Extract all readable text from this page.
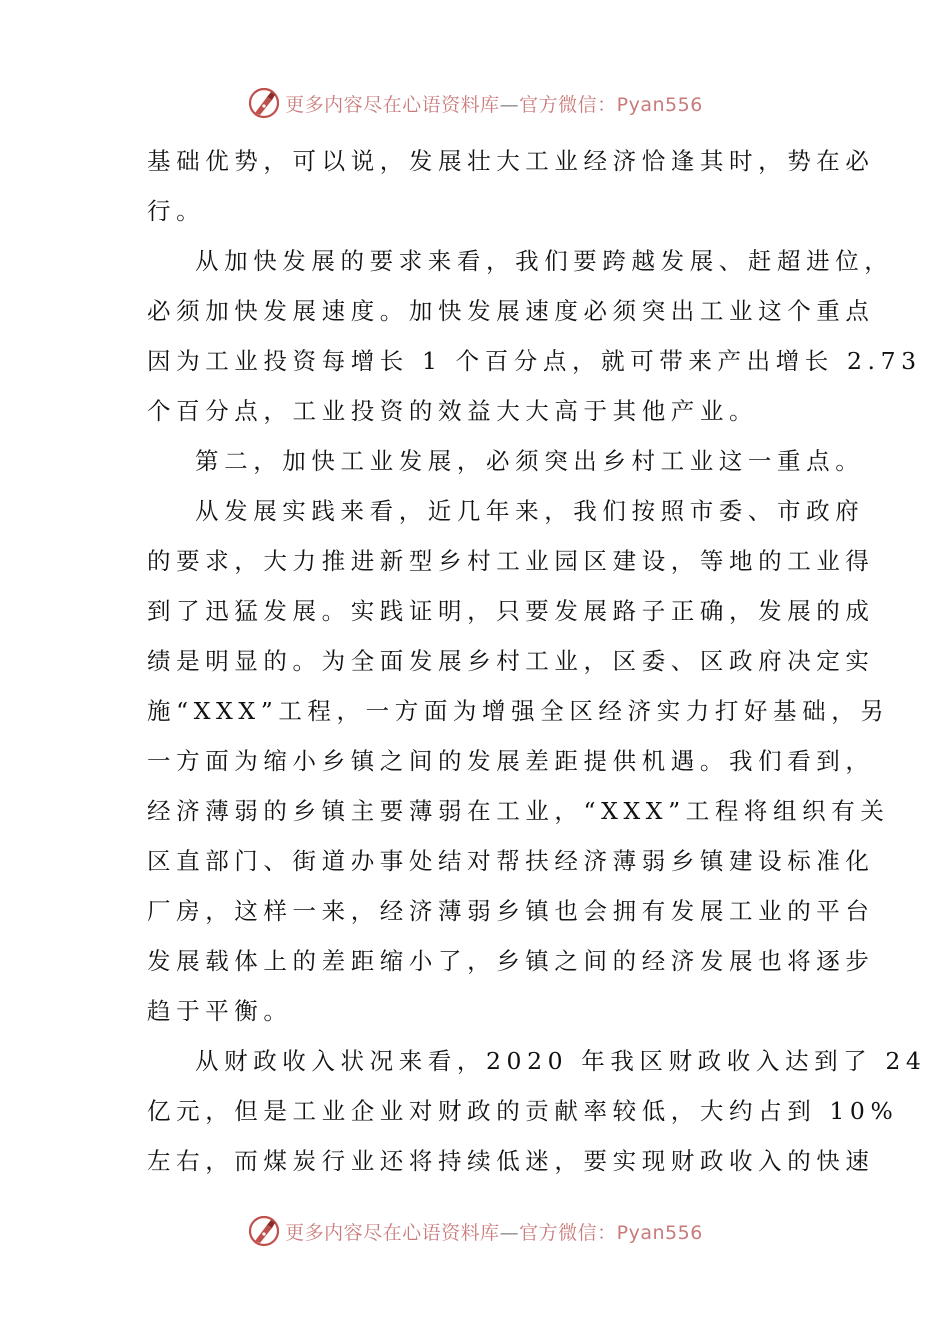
更多内容尽在心语资料库—官方微信：Pyan556
基础优势，可以说，发展壮大工业经济恰逢其时，势在必
行。
从加快发展的要求来看，我们要跨越发展、赶超进位，
必须加快发展速度。加快发展速度必须突出工业这个重点
因为工业投资每增长 1 个百分点，就可带来产出增长 2.73
个百分点，工业投资的效益大大高于其他产业。
第二，加快工业发展，必须突出乡村工业这一重点。
从发展实践来看，近几年来，我们按照市委、市政府
的要求，大力推进新型乡村工业园区建设，等地的工业得
到了迅猛发展。实践证明，只要发展路子正确，发展的成
绩是明显的。为全面发展乡村工业，区委、区政府决定实
施“XXX”工程，一方面为增强全区经济实力打好基础，另
一方面为缩小乡镇之间的发展差距提供机遇。我们看到，
经济薄弱的乡镇主要薄弱在工业，“XXX”工程将组织有关
区直部门、街道办事处结对帮扶经济薄弱乡镇建设标准化
厂房，这样一来，经济薄弱乡镇也会拥有发展工业的平台
发展载体上的差距缩小了，乡镇之间的经济发展也将逐步
趋于平衡。
从财政收入状况来看，2020 年我区财政收入达到了 24
亿元，但是工业企业对财政的贡献率较低，大约占到 10%
左右，而煤炭行业还将持续低迷，要实现财政收入的快速
更多内容尽在心语资料库—官方微信：Pyan556
